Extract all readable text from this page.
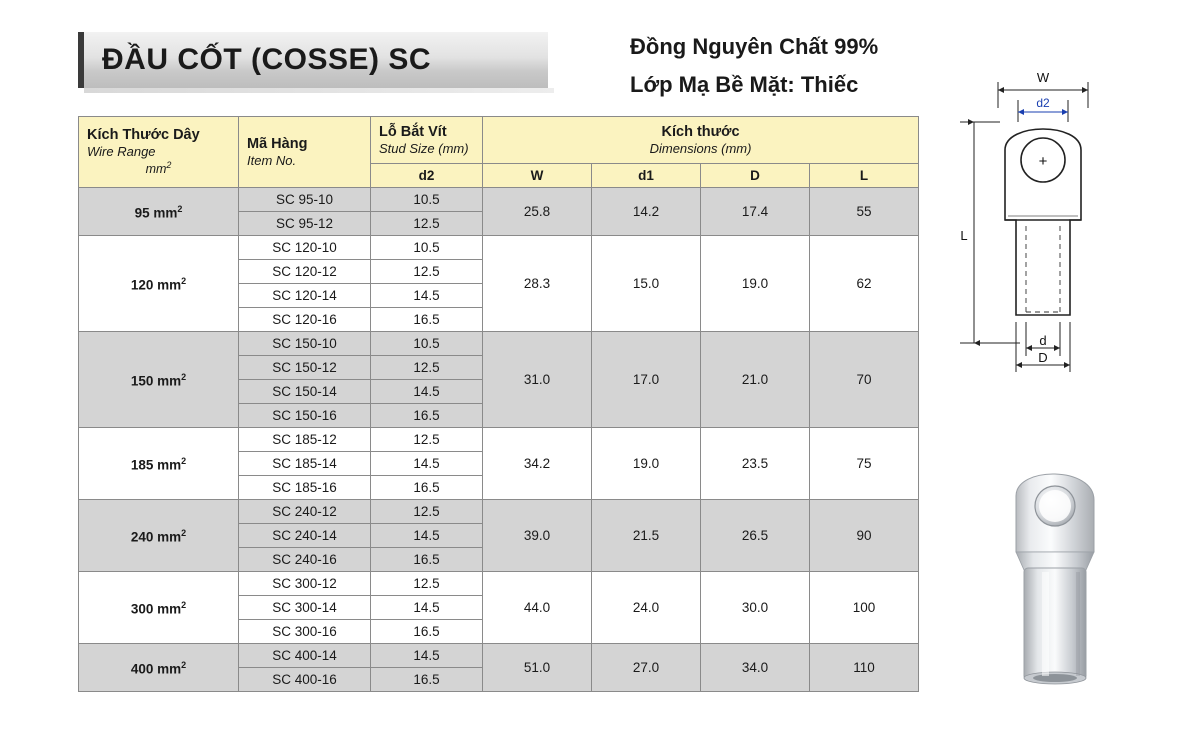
ĐẦU CỐT (COSSE) SC	Đồng Nguyên Chất 99%
Lớp Mạ Bề Mặt: Thiếc
Kích Thước Dây
Wire Range
$mm^2$	Mã Hàng
Item No.	Lỗ Bắt Vít
Stud Size (mm)	Kích thước
Dimensions (mm)			

		d2	W	d1	D	L
95 $mm^2$	SC 95-10	10.5	25.8	14.2	17.4	55
	SC 95-12	12.5				
120 $mm^2$	SC 120-10	10.5	28.3	15.0	19.0	62
	SC 120-12	12.5				
	SC 120-14	14.5				
	SC 120-16	16.5				
150 $mm^2$	SC 150-10	10.5	31.0	17.0	21.0	70
	SC 150-12	12.5				
	SC 150-14	14.5				
	SC 150-16	16.5				
185 $mm^2$	SC 185-12	12.5	34.2	19.0	23.5	75
	SC 185-14	14.5				
	SC 185-16	16.5				
240 $mm^2$	SC 240-12	12.5	39.0	21.5	26.5	90
	SC 240-14	14.5				
	SC 240-16	16.5				
300 $mm^2$	SC 300-12	12.5	44.0	24.0	30.0	100
	SC 300-14	14.5				
	SC 300-16	16.5				
400 $mm^2$	SC 400-14	14.5	51.0	27.0	34.0	110
	SC 400-16	16.5				
W
d2
+
L
d
D
